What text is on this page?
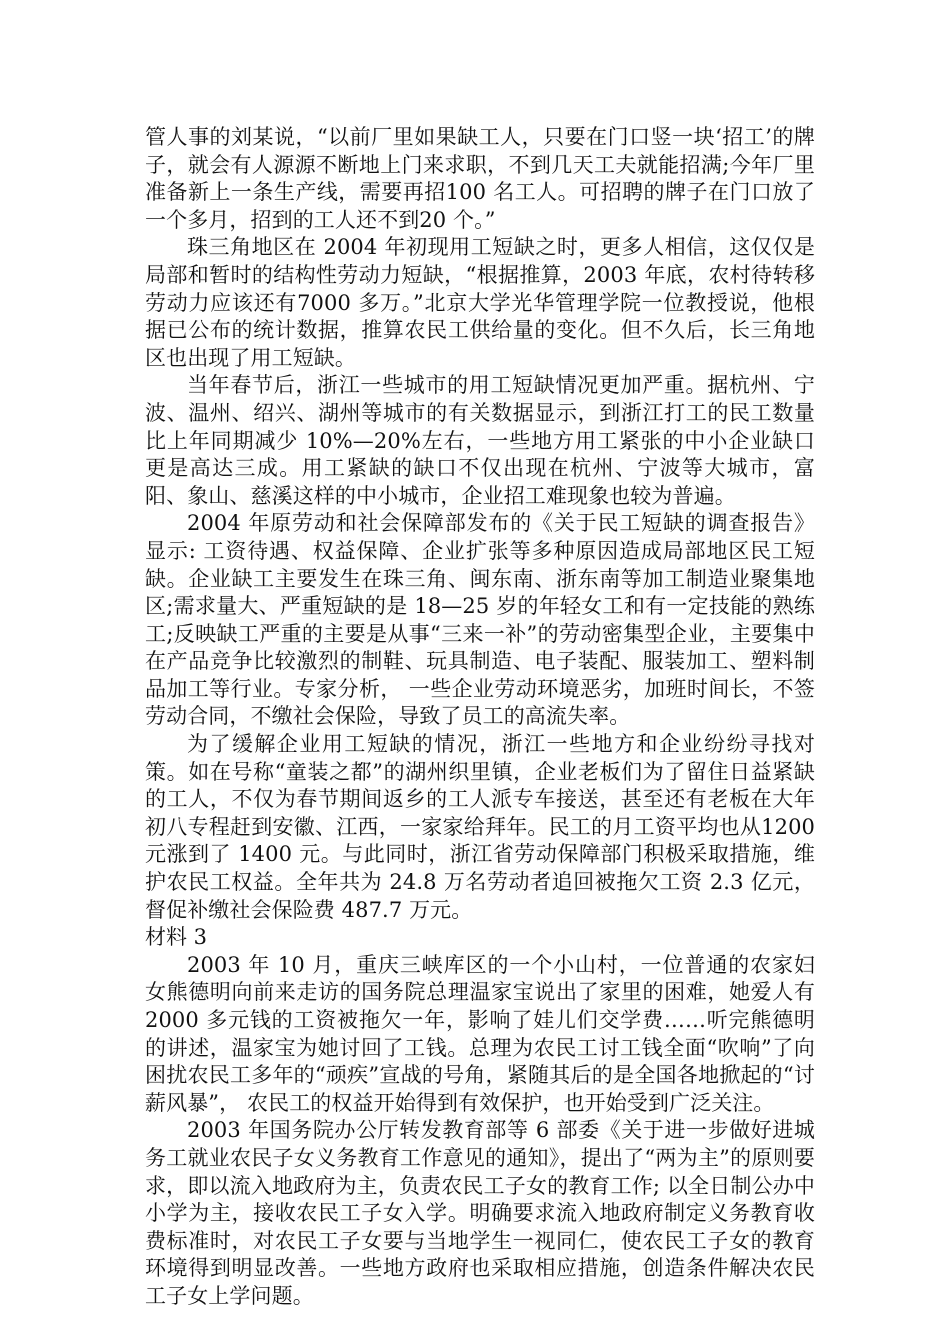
管人事的刘某说，“以前厂里如果缺工人，只要在门口竖一块‘招工’的牌子，就会有人源源不断地上门来求职，不到几天工夫就能招满;今年厂里准备新上一条生产线，需要再招100 名工人。可招聘的牌子在门口放了一个多月，招到的工人还不到20 个。”

珠三角地区在 2004 年初现用工短缺之时，更多人相信，这仅仅是局部和暂时的结构性劳动力短缺，“根据推算，2003 年底，农村待转移劳动力应该还有7000 多万。”北京大学光华管理学院一位教授说，他根据已公布的统计数据，推算农民工供给量的变化。但不久后，长三角地区也出现了用工短缺。

当年春节后，浙江一些城市的用工短缺情况更加严重。据杭州、宁波、温州、绍兴、湖州等城市的有关数据显示，到浙江打工的民工数量比上年同期减少 10%—20%左右，一些地方用工紧张的中小企业缺口更是高达三成。用工紧缺的缺口不仅出现在杭州、宁波等大城市，富阳、象山、慈溪这样的中小城市，企业招工难现象也较为普遍。

2004 年原劳动和社会保障部发布的《关于民工短缺的调查报告》显示: 工资待遇、权益保障、企业扩张等多种原因造成局部地区民工短缺。企业缺工主要发生在珠三角、闽东南、浙东南等加工制造业聚集地区;需求量大、严重短缺的是 18—25 岁的年轻女工和有一定技能的熟练工;反映缺工严重的主要是从事“三来一补”的劳动密集型企业，主要集中在产品竞争比较激烈的制鞋、玩具制造、电子装配、服装加工、塑料制品加工等行业。专家分析， 一些企业劳动环境恶劣，加班时间长，不签劳动合同，不缴社会保险，导致了员工的高流失率。

为了缓解企业用工短缺的情况，浙江一些地方和企业纷纷寻找对策。如在号称“童装之都”的湖州织里镇，企业老板们为了留住日益紧缺的工人，不仅为春节期间返乡的工人派专车接送，甚至还有老板在大年初八专程赶到安徽、江西，一家家给拜年。民工的月工资平均也从1200 元涨到了 1400 元。与此同时，浙江省劳动保障部门积极采取措施，维护农民工权益。全年共为 24.8 万名劳动者追回被拖欠工资 2.3 亿元，督促补缴社会保险费 487.7 万元。

材料 3

2003 年 10 月，重庆三峡库区的一个小山村，一位普通的农家妇女熊德明向前来走访的国务院总理温家宝说出了家里的困难，她爱人有 2000 多元钱的工资被拖欠一年，影响了娃儿们交学费……听完熊德明的讲述，温家宝为她讨回了工钱。总理为农民工讨工钱全面“吹响”了向困扰农民工多年的“顽疾”宣战的号角，紧随其后的是全国各地掀起的“讨薪风暴”， 农民工的权益开始得到有效保护，也开始受到广泛关注。

2003 年国务院办公厅转发教育部等 6 部委《关于进一步做好进城务工就业农民子女义务教育工作意见的通知》，提出了“两为主”的原则要求，即以流入地政府为主，负责农民工子女的教育工作; 以全日制公办中小学为主，接收农民工子女入学。明确要求流入地政府制定义务教育收费标准时，对农民工子女要与当地学生一视同仁，使农民工子女的教育环境得到明显改善。一些地方政府也采取相应措施，创造条件解决农民工子女上学问题。
